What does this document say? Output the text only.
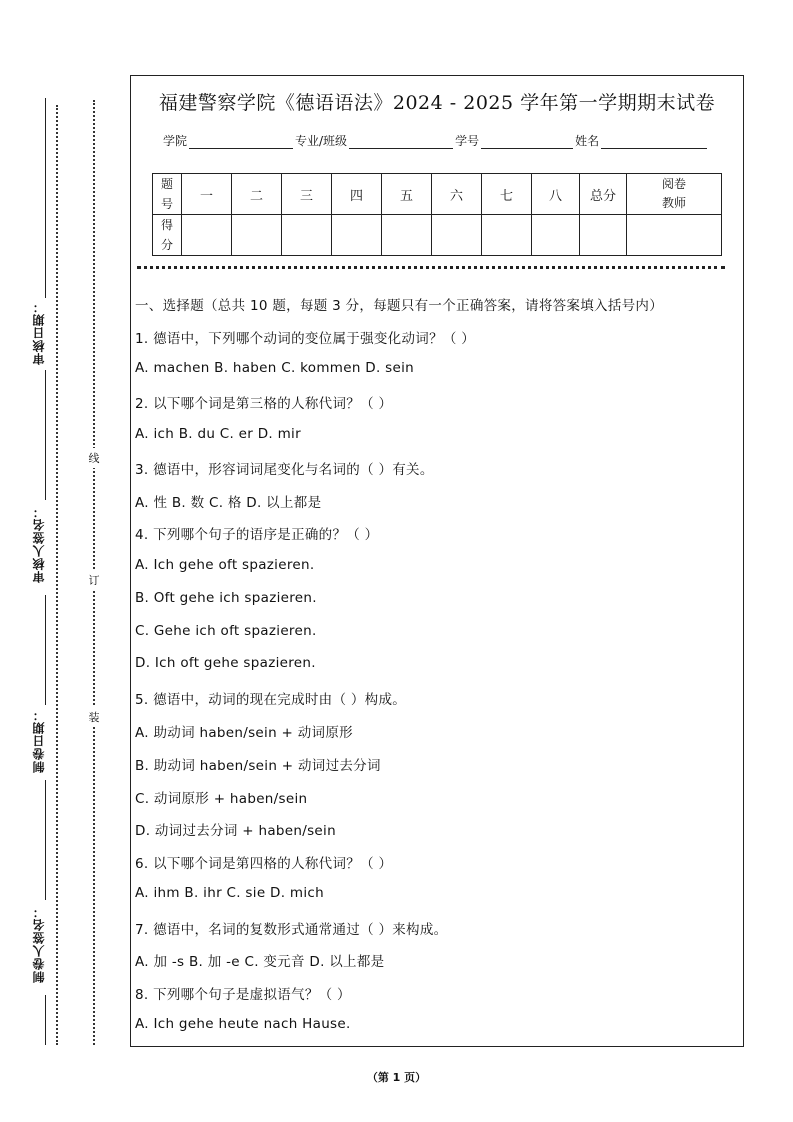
审核日期：
审核人签名：
制卷日期：
制卷人签名：
线
订
装
福建警察学院《德语语法》2024 - 2025 学年第一学期期末试卷
学院	专业/班级	学号	姓名
题号	一	二	三	四	五	六	七	八	总分	阅卷教师
得分										
一、选择题（总共 10 题，每题 3 分，每题只有一个正确答案，请将答案填入括号内）
1. 德语中，下列哪个动词的变位属于强变化动词？（ ）
A. machen B. haben C. kommen D. sein
2. 以下哪个词是第三格的人称代词？（ ）
A. ich B. du C. er D. mir
3. 德语中，形容词词尾变化与名词的（ ）有关。
A. 性 B. 数 C. 格 D. 以上都是
4. 下列哪个句子的语序是正确的？（ ）
A. Ich gehe oft spazieren.
B. Oft gehe ich spazieren.
C. Gehe ich oft spazieren.
D. Ich oft gehe spazieren.
5. 德语中，动词的现在完成时由（ ）构成。
A. 助动词 haben/sein + 动词原形
B. 助动词 haben/sein + 动词过去分词
C. 动词原形 + haben/sein
D. 动词过去分词 + haben/sein
6. 以下哪个词是第四格的人称代词？（ ）
A. ihm B. ihr C. sie D. mich
7. 德语中，名词的复数形式通常通过（ ）来构成。
A. 加 -s B. 加 -e C. 变元音 D. 以上都是
8. 下列哪个句子是虚拟语气？（ ）
A. Ich gehe heute nach Hause.
（第 1 页）
